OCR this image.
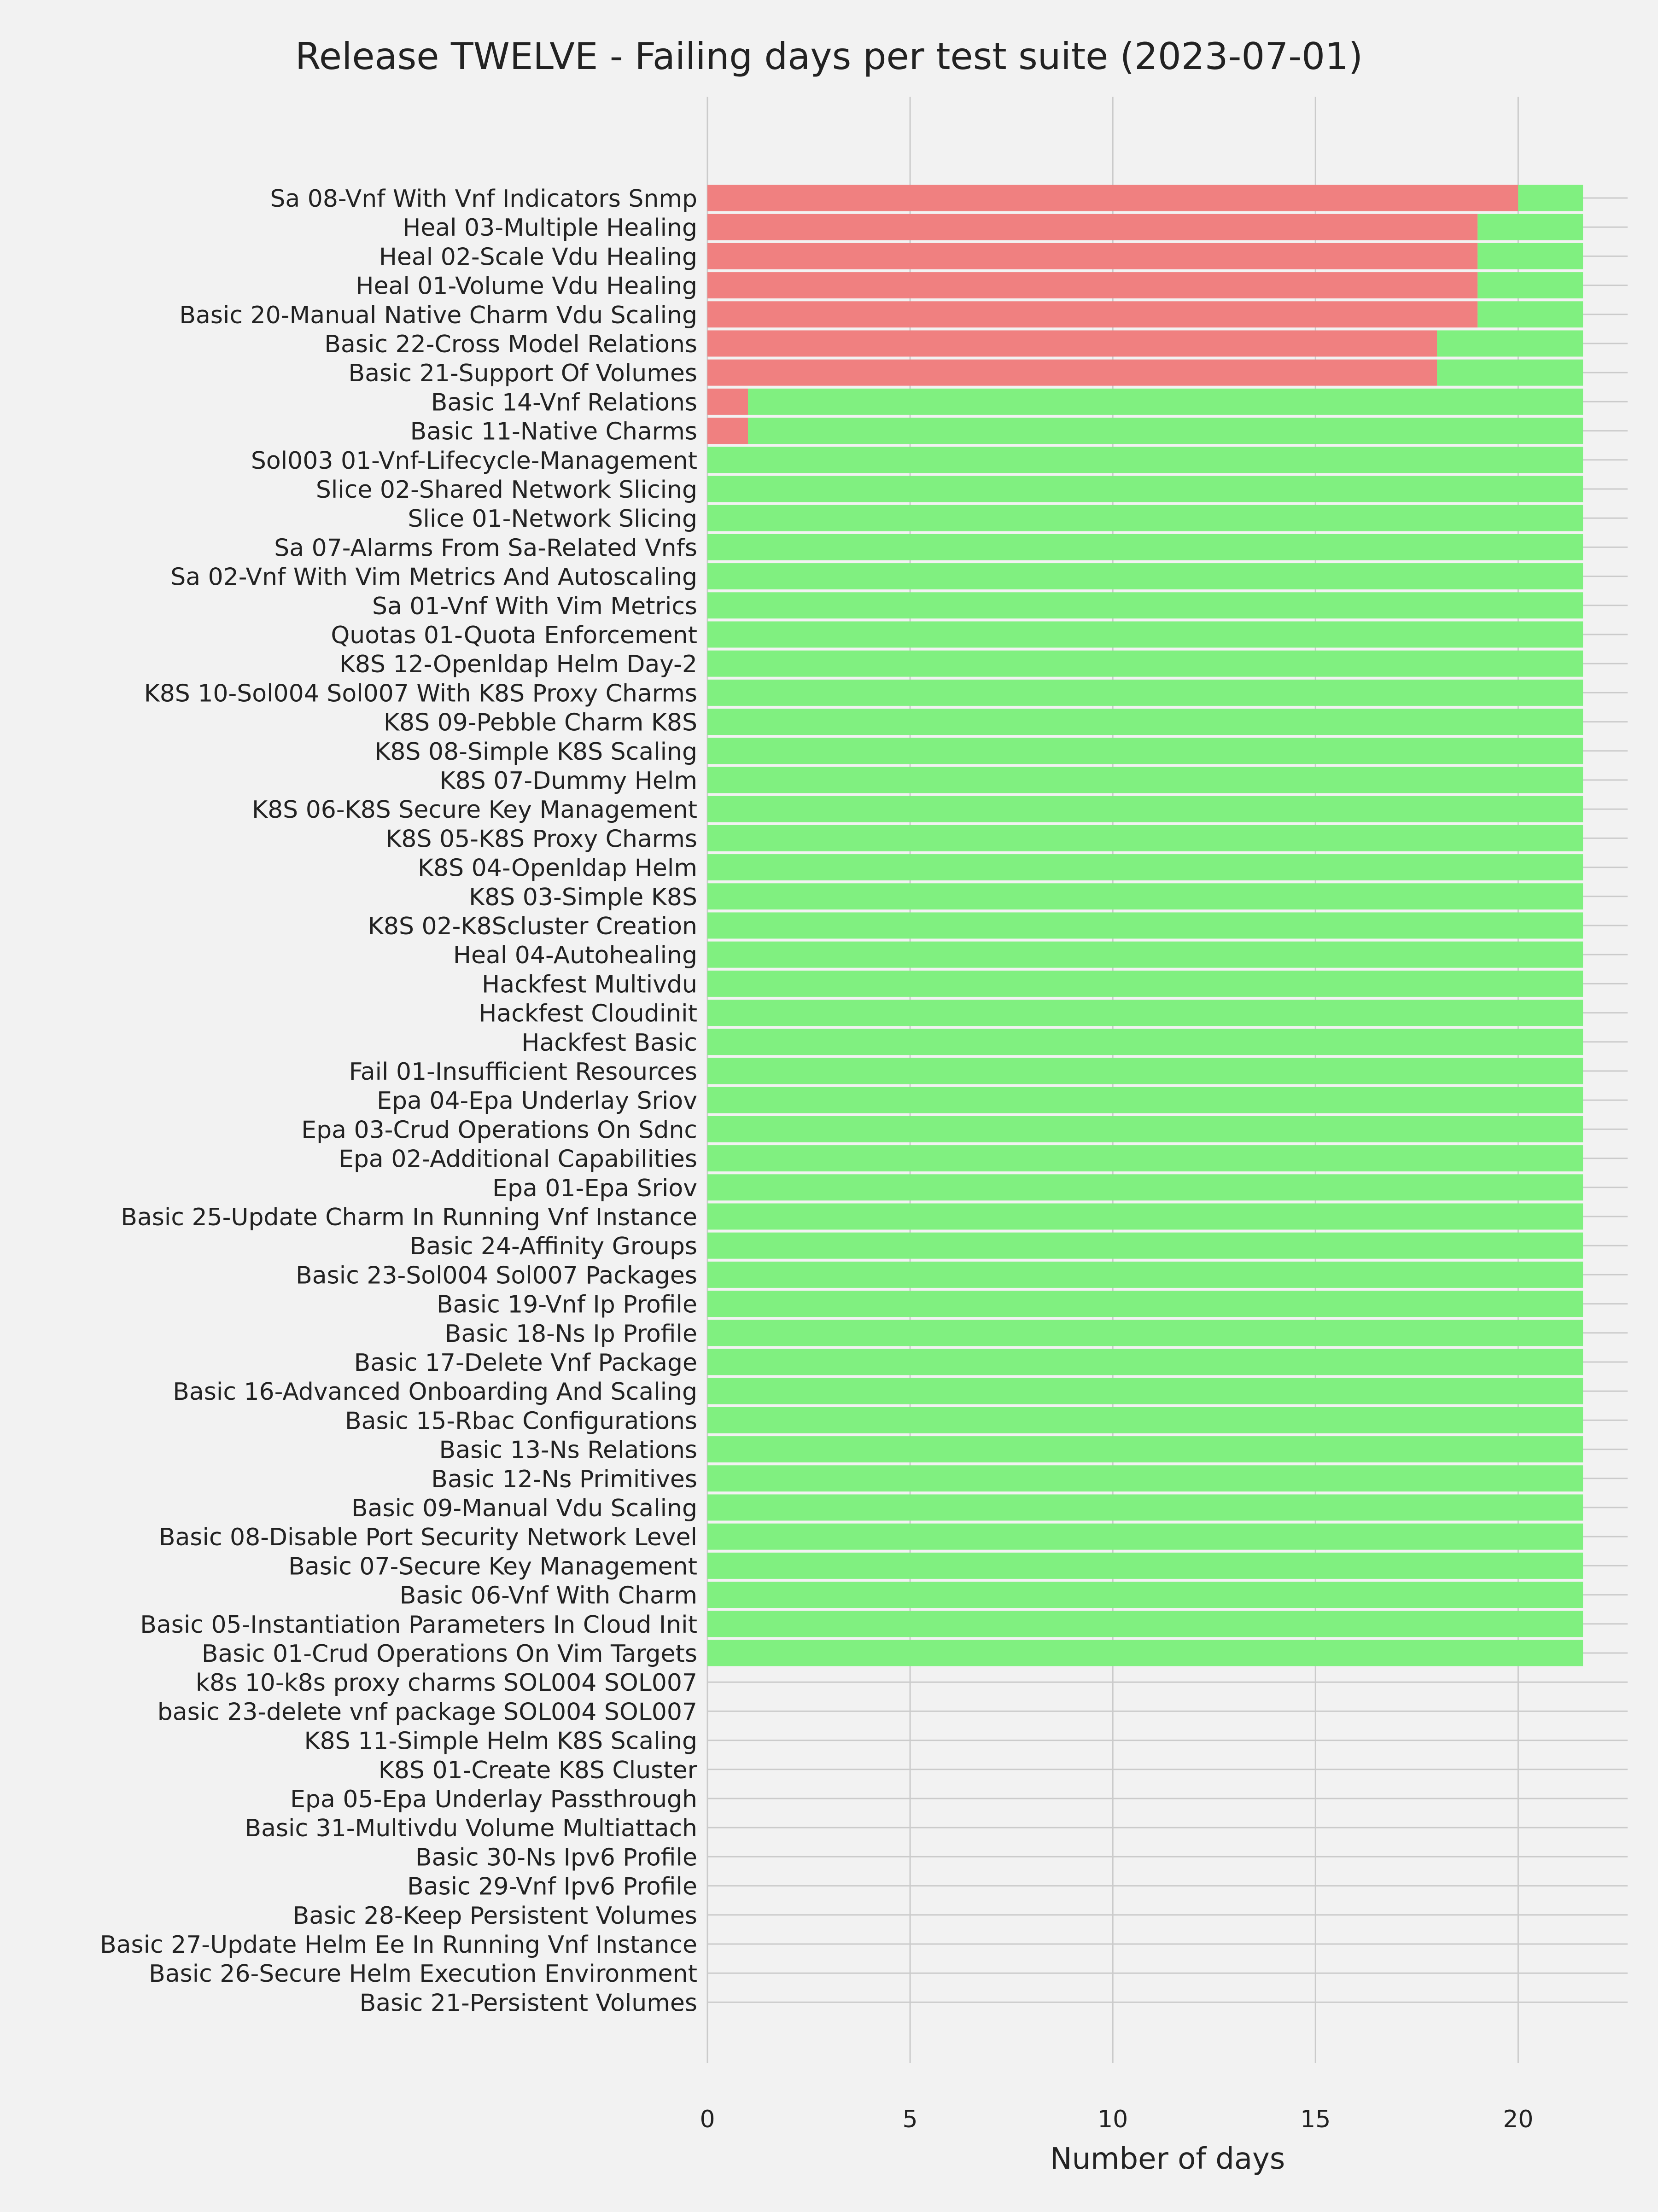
0	5	10	15	20
Sa 08-Vnf With Vnf Indicators Snmp
Heal 03-Multiple Healing
Heal 02-Scale Vdu Healing
Heal 01-Volume Vdu Healing
Basic 20-Manual Native Charm Vdu Scaling
Basic 22-Cross Model Relations
Basic 21-Support Of Volumes
Basic 14-Vnf Relations
Basic 11-Native Charms
Sol003 01-Vnf-Lifecycle-Management
Slice 02-Shared Network Slicing
Slice 01-Network Slicing
Sa 07-Alarms From Sa-Related Vnfs
Sa 02-Vnf With Vim Metrics And Autoscaling
Sa 01-Vnf With Vim Metrics
Quotas 01-Quota Enforcement
K8S 12-Openldap Helm Day-2
K8S 10-Sol004 Sol007 With K8S Proxy Charms
K8S 09-Pebble Charm K8S
K8S 08-Simple K8S Scaling
K8S 07-Dummy Helm
K8S 06-K8S Secure Key Management
K8S 05-K8S Proxy Charms
K8S 04-Openldap Helm
K8S 03-Simple K8S
K8S 02-K8Scluster Creation
Heal 04-Autohealing
Hackfest Multivdu
Hackfest Cloudinit
Hackfest Basic
Fail 01-Insufficient Resources
Epa 04-Epa Underlay Sriov
Epa 03-Crud Operations On Sdnc
Epa 02-Additional Capabilities
Epa 01-Epa Sriov
Basic 25-Update Charm In Running Vnf Instance
Basic 24-Affinity Groups
Basic 23-Sol004 Sol007 Packages
Basic 19-Vnf Ip Profile
Basic 18-Ns Ip Profile
Basic 17-Delete Vnf Package
Basic 16-Advanced Onboarding And Scaling
Basic 15-Rbac Configurations
Basic 13-Ns Relations
Basic 12-Ns Primitives
Basic 09-Manual Vdu Scaling
Basic 08-Disable Port Security Network Level
Basic 07-Secure Key Management
Basic 06-Vnf With Charm
Basic 05-Instantiation Parameters In Cloud Init
Basic 01-Crud Operations On Vim Targets
k8s 10-k8s proxy charms SOL004 SOL007
basic 23-delete vnf package SOL004 SOL007
K8S 11-Simple Helm K8S Scaling
K8S 01-Create K8S Cluster
Epa 05-Epa Underlay Passthrough
Basic 31-Multivdu Volume Multiattach
Basic 30-Ns Ipv6 Profile
Basic 29-Vnf Ipv6 Profile
Basic 28-Keep Persistent Volumes
Basic 27-Update Helm Ee In Running Vnf Instance
Basic 26-Secure Helm Execution Environment
Basic 21-Persistent Volumes
Release TWELVE - Failing days per test suite (2023-07-01)
Number of days
